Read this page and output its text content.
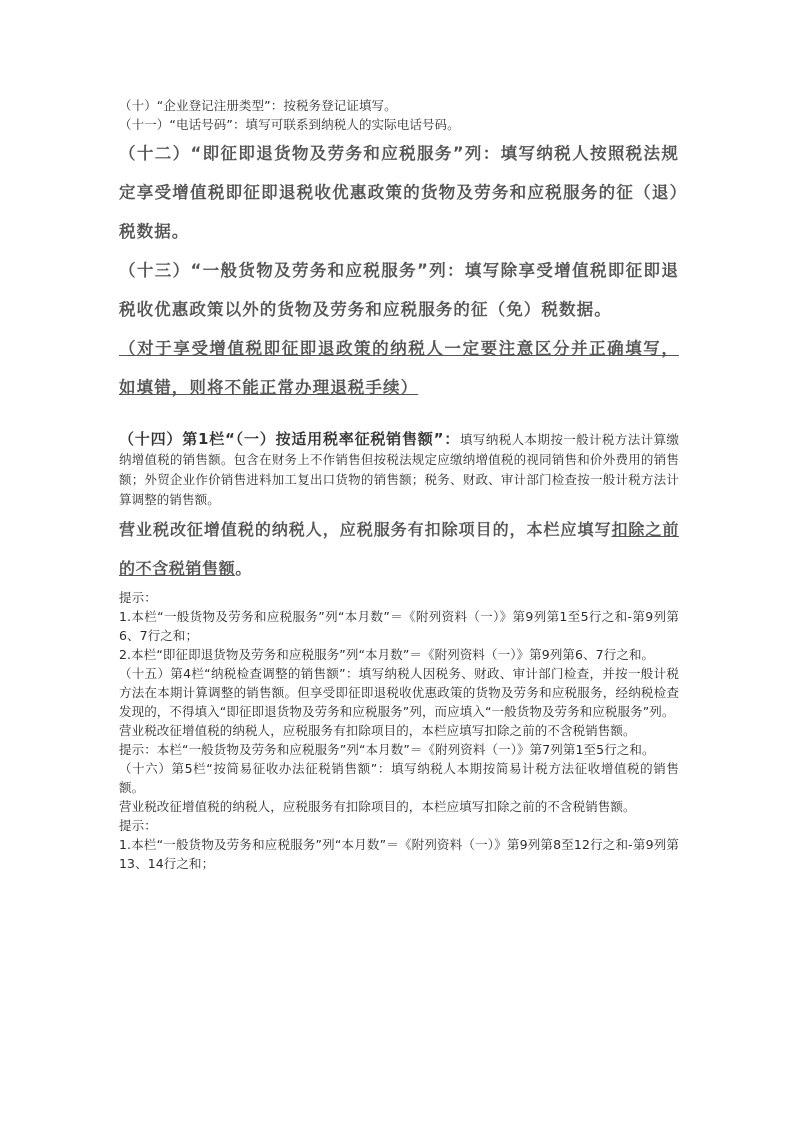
（十）“企业登记注册类型”：按税务登记证填写。

（十一）“电话号码”：填写可联系到纳税人的实际电话号码。

（十二）“即征即退货物及劳务和应税服务”列：填写纳税人按照税法规定享受增值税即征即退税收优惠政策的货物及劳务和应税服务的征（退）税数据。

（十三）“一般货物及劳务和应税服务”列：填写除享受增值税即征即退税收优惠政策以外的货物及劳务和应税服务的征（免）税数据。

（对于享受增值税即征即退政策的纳税人一定要注意区分并正确填写，如填错，则将不能正常办理退税手续）

（十四）第1栏“（一）按适用税率征税销售额”：填写纳税人本期按一般计税方法计算缴纳增值税的销售额。包含在财务上不作销售但按税法规定应缴纳增值税的视同销售和价外费用的销售额；外贸企业作价销售进料加工复出口货物的销售额；税务、财政、审计部门检查按一般计税方法计算调整的销售额。

营业税改征增值税的纳税人，应税服务有扣除项目的，本栏应填写扣除之前的不含税销售额。

提示：

1.本栏“一般货物及劳务和应税服务”列“本月数”＝《附列资料（一）》第9列第1至5行之和-第9列第6、7行之和；

2.本栏“即征即退货物及劳务和应税服务”列“本月数”＝《附列资料（一）》第9列第6、7行之和。

（十五）第4栏“纳税检查调整的销售额”：填写纳税人因税务、财政、审计部门检查，并按一般计税方法在本期计算调整的销售额。但享受即征即退税收优惠政策的货物及劳务和应税服务，经纳税检查发现的，不得填入“即征即退货物及劳务和应税服务”列，而应填入“一般货物及劳务和应税服务”列。

营业税改征增值税的纳税人，应税服务有扣除项目的，本栏应填写扣除之前的不含税销售额。

提示：本栏“一般货物及劳务和应税服务”列“本月数”＝《附列资料（一）》第7列第1至5行之和。

（十六）第5栏“按简易征收办法征税销售额”：填写纳税人本期按简易计税方法征收增值税的销售额。

营业税改征增值税的纳税人，应税服务有扣除项目的，本栏应填写扣除之前的不含税销售额。

提示：

1.本栏“一般货物及劳务和应税服务”列“本月数”＝《附列资料（一）》第9列第8至12行之和-第9列第13、14行之和；
